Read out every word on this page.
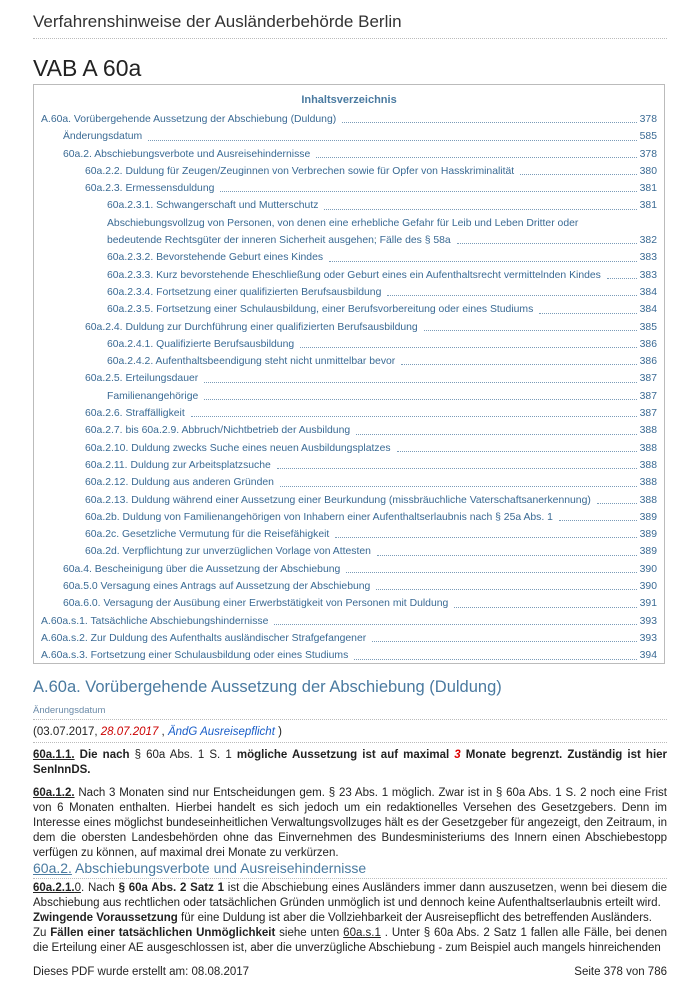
Verfahrenshinweise der Ausländerbehörde Berlin
VAB A 60a
Inhaltsverzeichnis
A.60a. Vorübergehende Aussetzung der Abschiebung (Duldung)	378
Änderungsdatum	585
60a.2. Abschiebungsverbote und Ausreisehindernisse	378
60a.2.2. Duldung für Zeugen/Zeuginnen von Verbrechen sowie für Opfer von Hasskriminalität	380
60a.2.3. Ermessensduldung	381
60a.2.3.1. Schwangerschaft und Mutterschutz	381
Abschiebungsvollzug von Personen, von denen eine erhebliche Gefahr für Leib und Leben Dritter oder
bedeutende Rechtsgüter der inneren Sicherheit ausgehen; Fälle des § 58a	382
60a.2.3.2. Bevorstehende Geburt eines Kindes	383
60a.2.3.3. Kurz bevorstehende Eheschließung oder Geburt eines ein Aufenthaltsrecht vermittelnden Kindes	383
60a.2.3.4. Fortsetzung einer qualifizierten Berufsausbildung	384
60a.2.3.5. Fortsetzung einer Schulausbildung, einer Berufsvorbereitung oder eines Studiums	384
60a.2.4. Duldung zur Durchführung einer qualifizierten Berufsausbildung	385
60a.2.4.1. Qualifizierte Berufsausbildung	386
60a.2.4.2. Aufenthaltsbeendigung steht nicht unmittelbar bevor	386
60a.2.5. Erteilungsdauer	387
Familienangehörige	387
60a.2.6. Straffälligkeit	387
60a.2.7. bis 60a.2.9. Abbruch/Nichtbetrieb der Ausbildung	388
60a.2.10. Duldung zwecks Suche eines neuen Ausbildungsplatzes	388
60a.2.11. Duldung zur Arbeitsplatzsuche	388
60a.2.12. Duldung aus anderen Gründen	388
60a.2.13. Duldung während einer Aussetzung einer Beurkundung (missbräuchliche Vaterschaftsanerkennung)	388
60a.2b. Duldung von Familienangehörigen von Inhabern einer Aufenthaltserlaubnis nach § 25a Abs. 1	389
60a.2c. Gesetzliche Vermutung für die Reisefähigkeit	389
60a.2d. Verpflichtung zur unverzüglichen Vorlage von Attesten	389
60a.4. Bescheinigung über die Aussetzung der Abschiebung	390
60a.5.0 Versagung eines Antrags auf Aussetzung der Abschiebung	390
60a.6.0. Versagung der Ausübung einer Erwerbstätigkeit von Personen mit Duldung	391
A.60a.s.1. Tatsächliche Abschiebungshindernisse	393
A.60a.s.2. Zur Duldung des Aufenthalts ausländischer Strafgefangener	393
A.60a.s.3. Fortsetzung einer Schulausbildung oder eines Studiums	394
A.60a. Vorübergehende Aussetzung der Abschiebung (Duldung)
Änderungsdatum
(03.07.2017, 28.07.2017 , ÄndG Ausreisepflicht )
60a.1.1. Die nach § 60a Abs. 1 S. 1 mögliche Aussetzung ist auf maximal 3 Monate begrenzt. Zuständig ist hier SenInnDS.
60a.1.2. Nach 3 Monaten sind nur Entscheidungen gem. § 23 Abs. 1 möglich. Zwar ist in § 60a Abs. 1 S. 2 noch eine Frist von 6 Monaten enthalten. Hierbei handelt es sich jedoch um ein redaktionelles Versehen des Gesetzgebers. Denn im Interesse eines möglichst bundeseinheitlichen Verwaltungsvollzuges hält es der Gesetzgeber für angezeigt, den Zeitraum, in dem die obersten Landesbehörden ohne das Einvernehmen des Bundesministeriums des Innern einen Abschiebestopp verfügen zu können, auf maximal drei Monate zu verkürzen.
60a.2. Abschiebungsverbote und Ausreisehindernisse
60a.2.1.0. Nach § 60a Abs. 2 Satz 1 ist die Abschiebung eines Ausländers immer dann auszusetzen, wenn bei diesem die Abschiebung aus rechtlichen oder tatsächlichen Gründen unmöglich ist und dennoch keine Aufenthaltserlaubnis erteilt wird.
Zwingende Voraussetzung für eine Duldung ist aber die Vollziehbarkeit der Ausreisepflicht des betreffenden Ausländers.
Zu Fällen einer tatsächlichen Unmöglichkeit siehe unten 60a.s.1 . Unter § 60a Abs. 2 Satz 1 fallen alle Fälle, bei denen die Erteilung einer AE ausgeschlossen ist, aber die unverzügliche Abschiebung - zum Beispiel auch mangels hinreichenden
Dieses PDF wurde erstellt am: 08.08.2017	Seite 378 von 786
